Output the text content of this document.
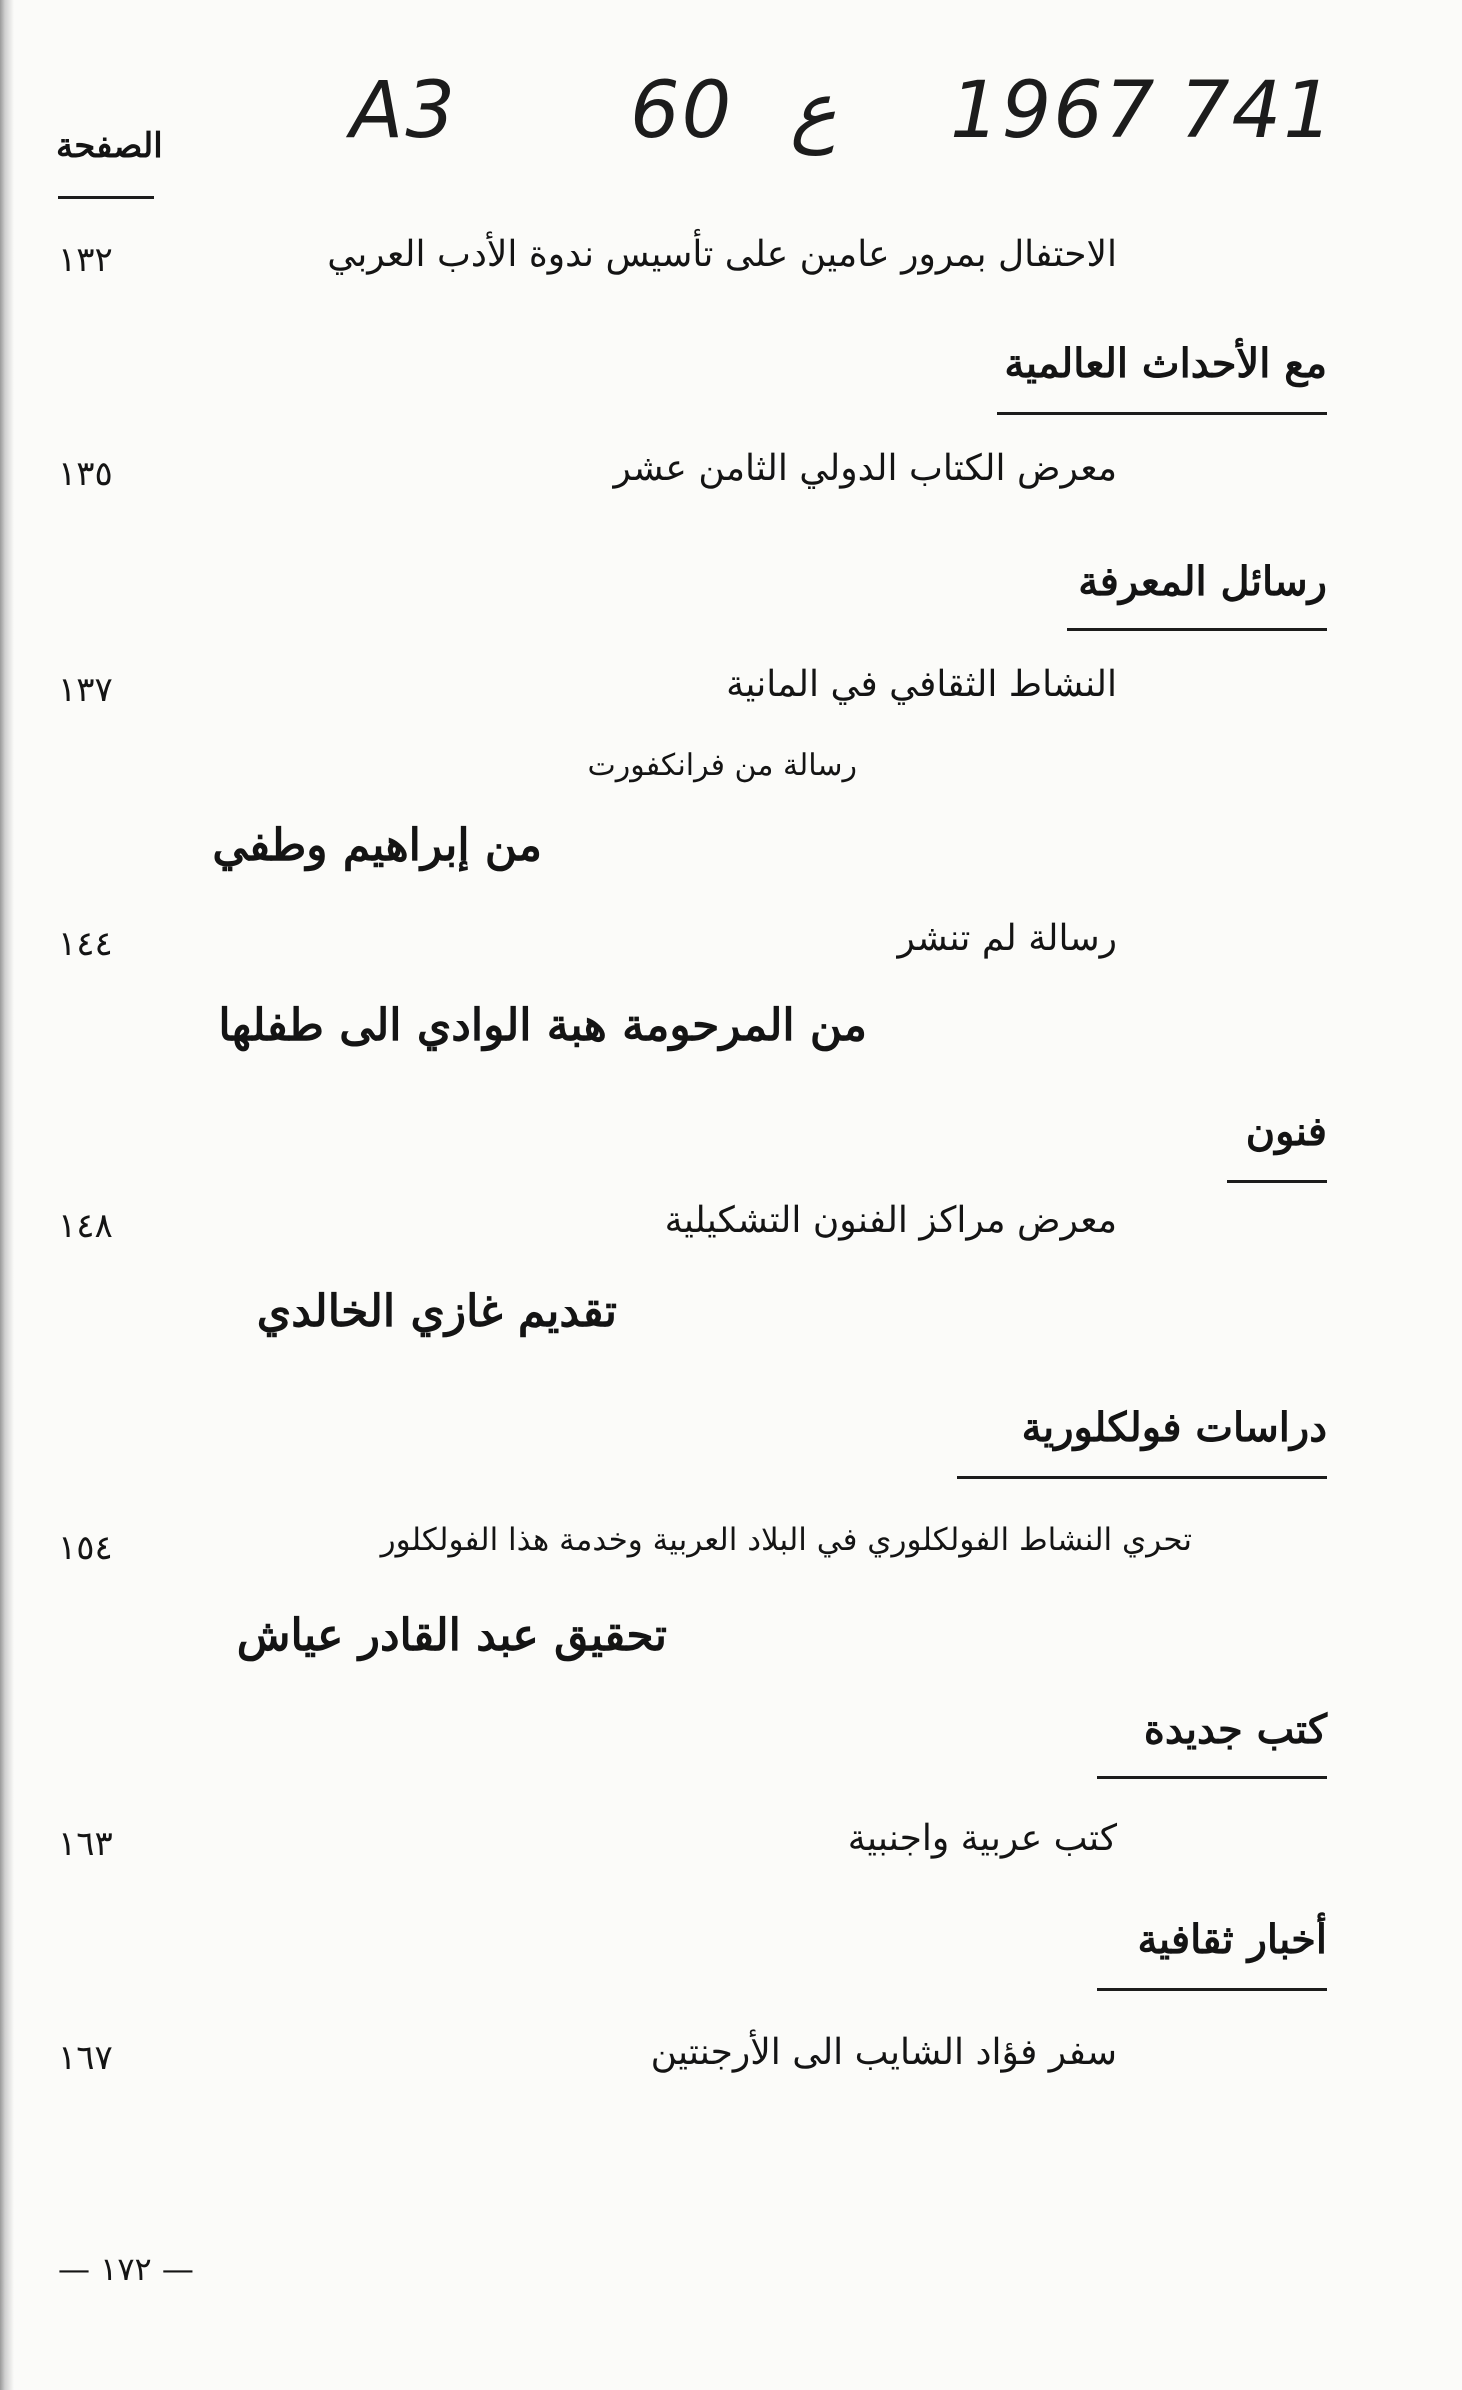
A3 60 ع 1967 741
الصفحة
الاحتفال بمرور عامين على تأسيس ندوة الأدب العربي
١٣٢
مع الأحداث العالمية
معرض الكتاب الدولي الثامن عشر
١٣٥
رسائل المعرفة
النشاط الثقافي في المانية
١٣٧
رسالة من فرانكفورت
من إبراهيم وطفي
رسالة لم تنشر
١٤٤
من المرحومة هبة الوادي الى طفلها
فنون
معرض مراكز الفنون التشكيلية
١٤٨
تقديم غازي الخالدي
دراسات فولكلورية
تحري النشاط الفولكلوري في البلاد العربية وخدمة هذا الفولكلور
١٥٤
تحقيق عبد القادر عياش
كتب جديدة
كتب عربية واجنبية
١٦٣
أخبار ثقافية
سفر فؤاد الشايب الى الأرجنتين
١٦٧
— ١٧٢ —
